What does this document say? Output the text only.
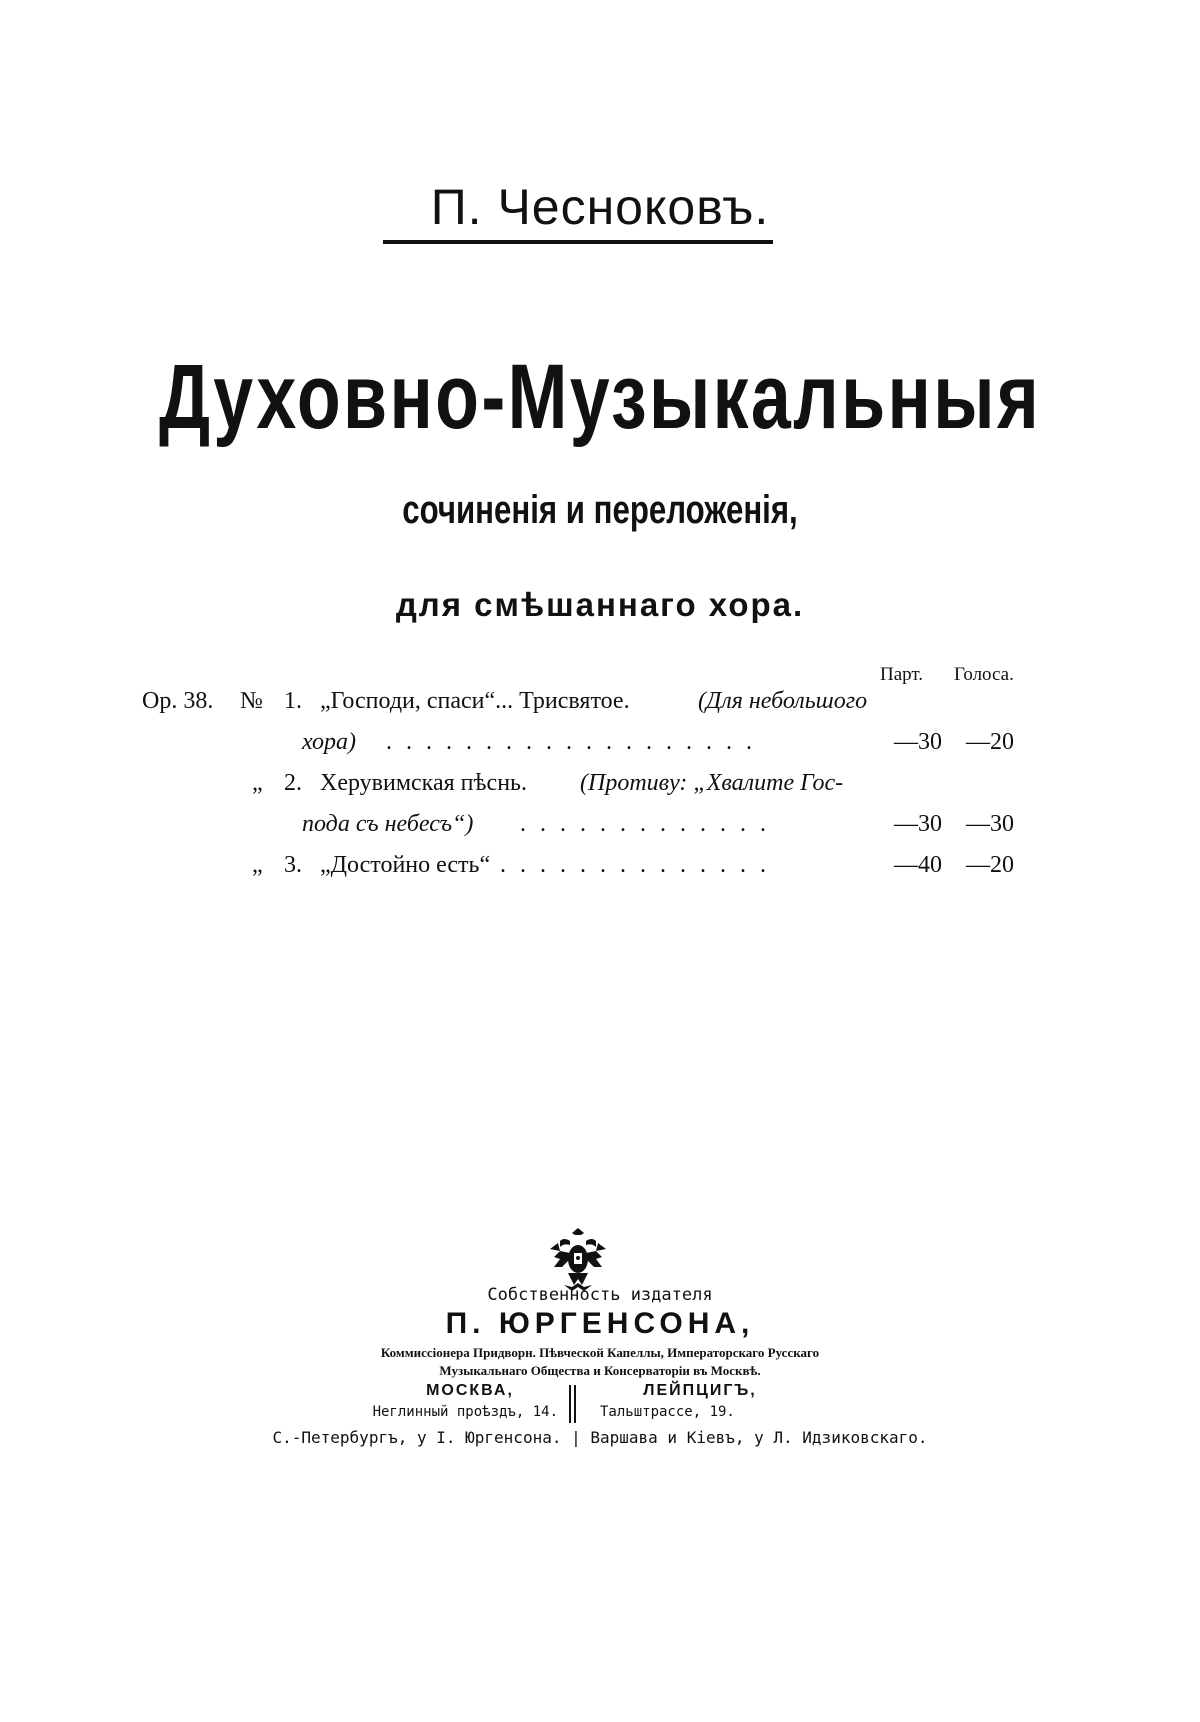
П. Чесноковъ.
Духовно-Музыкальныя
сочиненія и переложенія,
для смѣшаннаго хора.
Парт. Голоса.
Ор. 38. № 1. „Господи, спаси“... Трисвятое.	(Для небольшого
хора) ...................	—30 —20
„ 2. Херувимская пѣснь. (Противу: „Хвалите Гос-
пода съ небесъ“) .............	—30 —30
„ 3. „Достойно есть“ ..............	—40 —20
Собственность издателя
П. ЮРГЕНСОНА,
Коммиссіонера Придворн. Пѣвческой Капеллы, Императорскаго Русскаго
Музыкальнаго Общества и Консерваторіи въ Москвѣ.
МОСКВА,
Неглинный проѣздъ, 14.
ЛЕЙПЦИГЪ,
Тальштрассе, 19.
С.-Петербургъ, у І. Юргенсона. | Варшава и Кіевъ, у Л. Идзиковскаго.
